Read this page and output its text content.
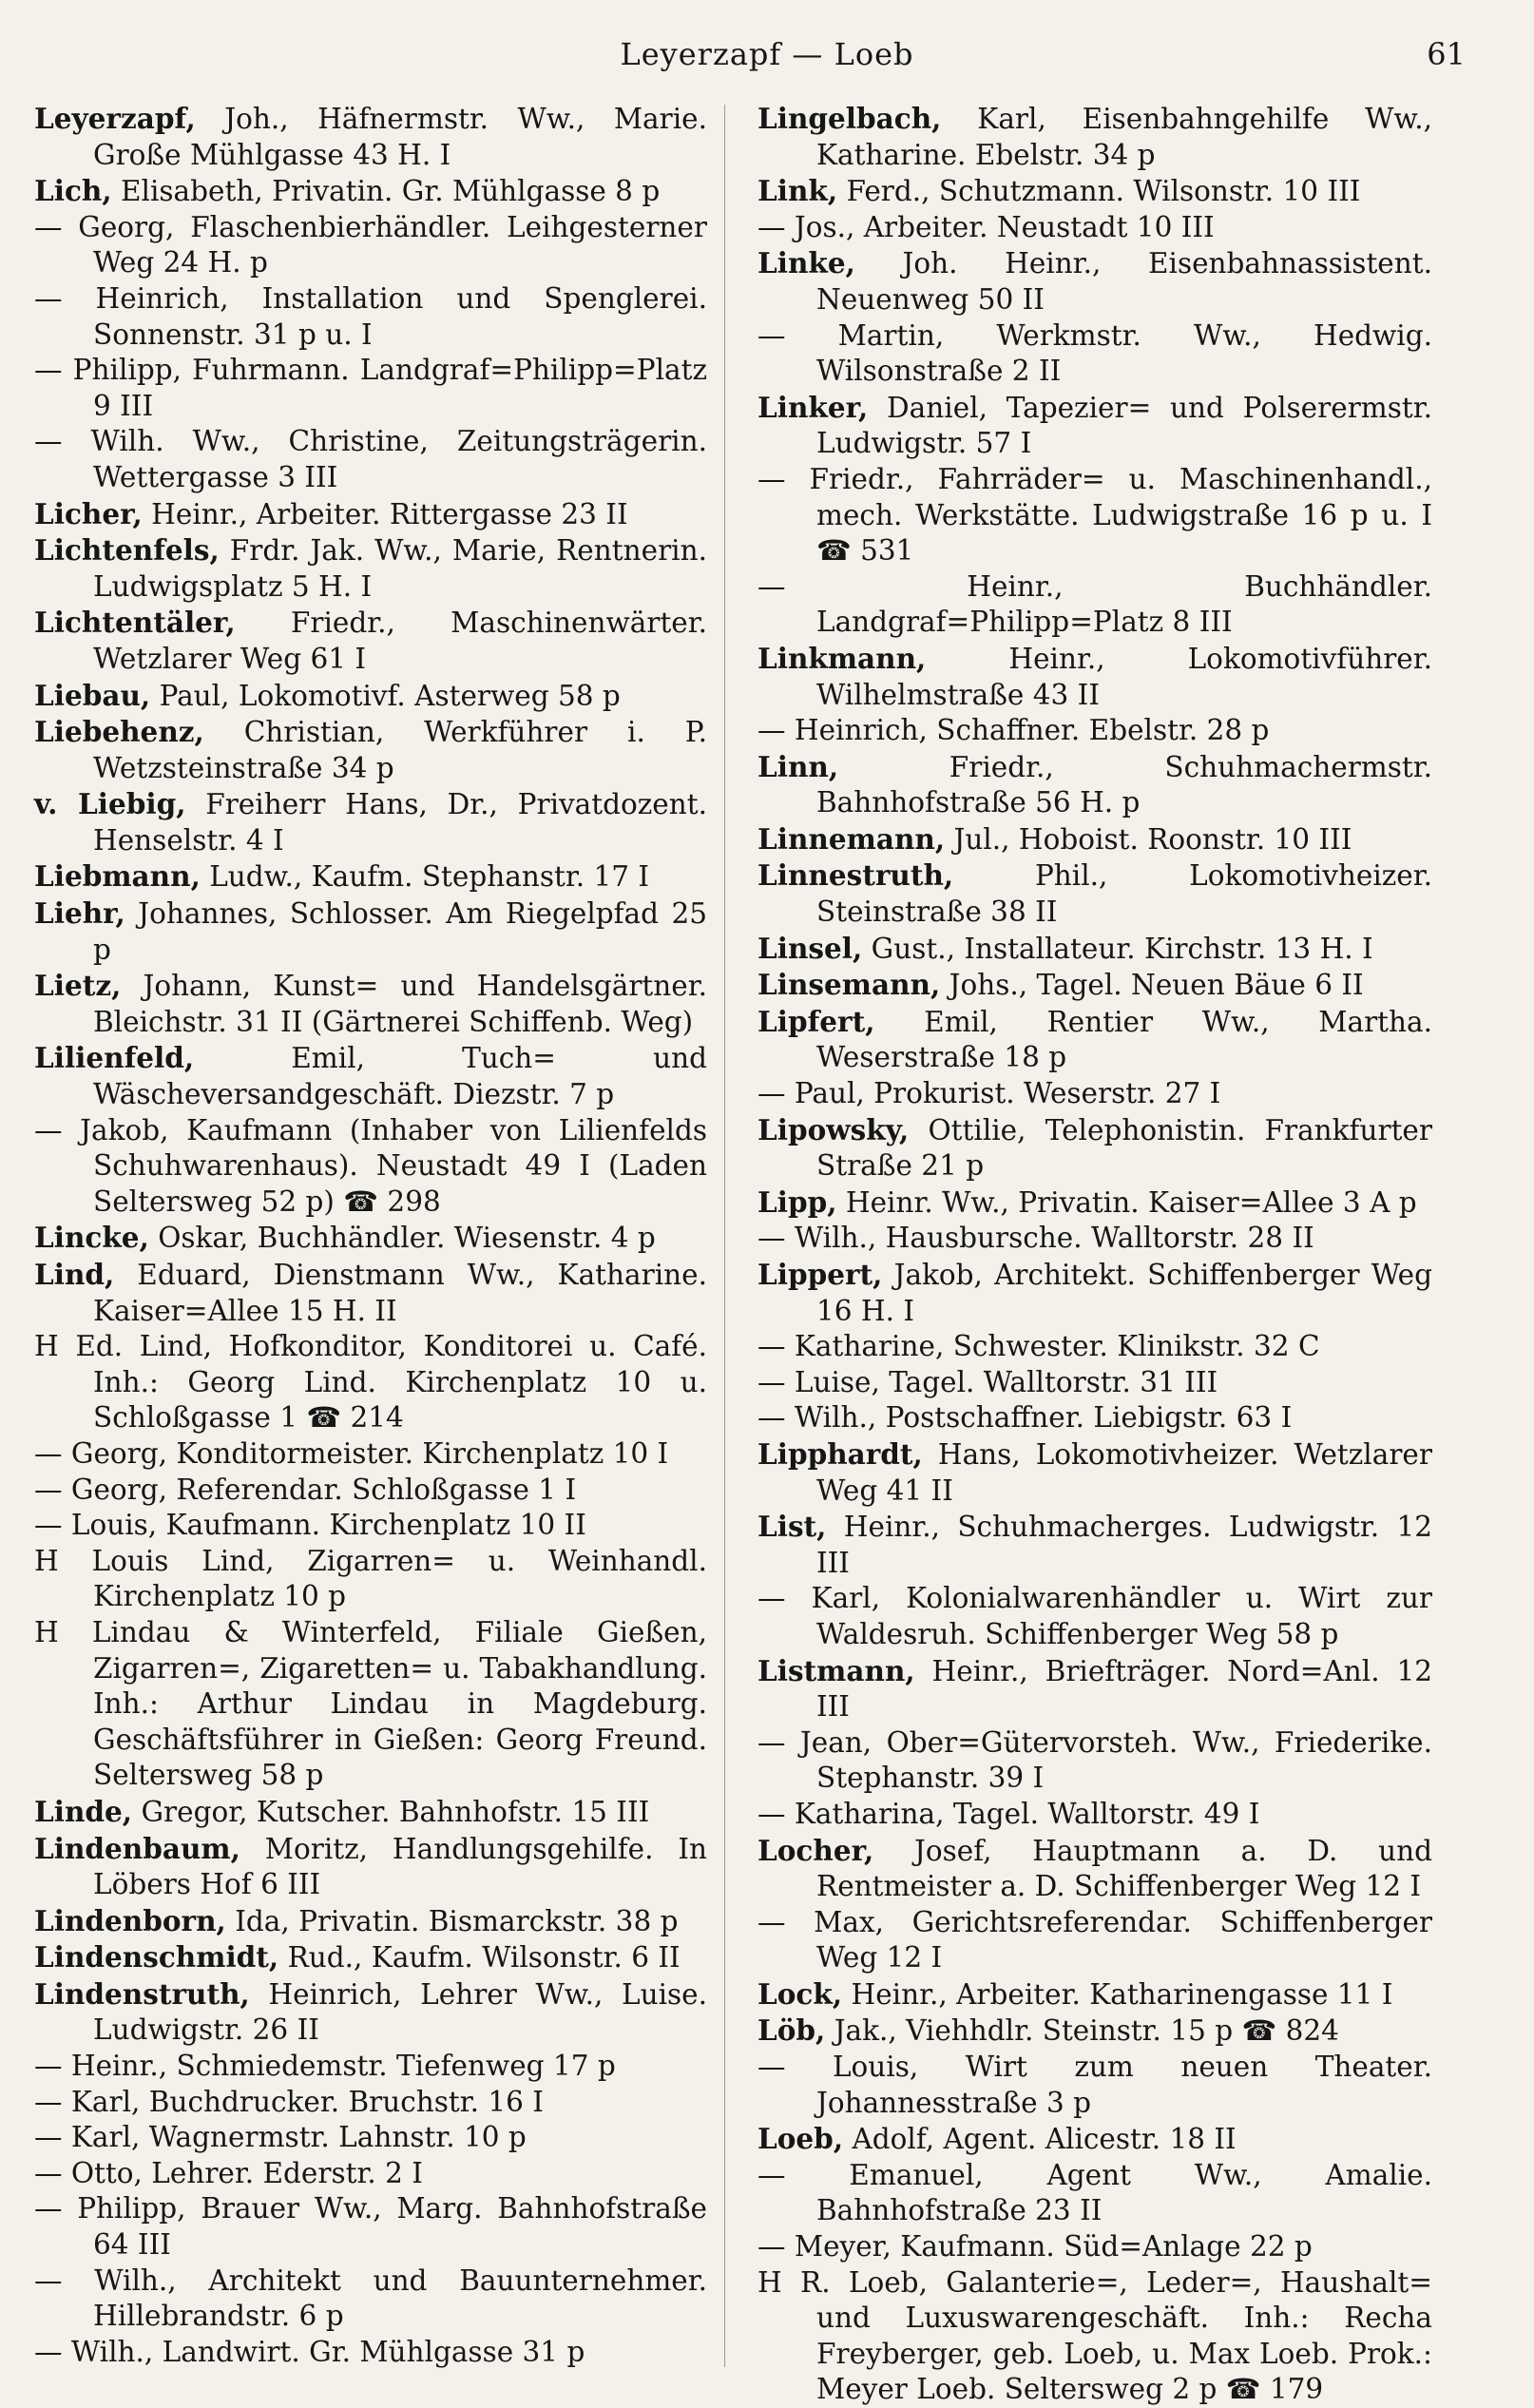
Leyerzapf — Loeb	61
Leyerzapf, Joh., Häfnermstr. Ww., Marie. Große Mühlgasse 43 H. I
Lich, Elisabeth, Privatin. Gr. Mühlgasse 8 p
— Georg, Flaschenbierhändler. Leihgesterner Weg 24 H. p
— Heinrich, Installation und Spenglerei. Sonnenstr. 31 p u. I
— Philipp, Fuhrmann. Landgraf=Philipp=Platz 9 III
— Wilh. Ww., Christine, Zeitungsträgerin. Wettergasse 3 III
Licher, Heinr., Arbeiter. Rittergasse 23 II
Lichtenfels, Frdr. Jak. Ww., Marie, Rentnerin. Ludwigsplatz 5 H. I
Lichtentäler, Friedr., Maschinenwärter. Wetzlarer Weg 61 I
Liebau, Paul, Lokomotivf. Asterweg 58 p
Liebehenz, Christian, Werkführer i. P. Wetzsteinstraße 34 p
v. Liebig, Freiherr Hans, Dr., Privatdozent. Henselstr. 4 I
Liebmann, Ludw., Kaufm. Stephanstr. 17 I
Liehr, Johannes, Schlosser. Am Riegelpfad 25 p
Lietz, Johann, Kunst= und Handelsgärtner. Bleichstr. 31 II (Gärtnerei Schiffenb. Weg)
Lilienfeld, Emil, Tuch= und Wäscheversandgeschäft. Diezstr. 7 p
— Jakob, Kaufmann (Inhaber von Lilienfelds Schuhwarenhaus). Neustadt 49 I (Laden Seltersweg 52 p) ☎ 298
Lincke, Oskar, Buchhändler. Wiesenstr. 4 p
Lind, Eduard, Dienstmann Ww., Katharine. Kaiser=Allee 15 H. II
H Ed. Lind, Hofkonditor, Konditorei u. Café. Inh.: Georg Lind. Kirchenplatz 10 u. Schloßgasse 1 ☎ 214
— Georg, Konditormeister. Kirchenplatz 10 I
— Georg, Referendar. Schloßgasse 1 I
— Louis, Kaufmann. Kirchenplatz 10 II
H Louis Lind, Zigarren= u. Weinhandl. Kirchenplatz 10 p
H Lindau & Winterfeld, Filiale Gießen, Zigarren=, Zigaretten= u. Tabakhandlung. Inh.: Arthur Lindau in Magdeburg. Geschäftsführer in Gießen: Georg Freund. Seltersweg 58 p
Linde, Gregor, Kutscher. Bahnhofstr. 15 III
Lindenbaum, Moritz, Handlungsgehilfe. In Löbers Hof 6 III
Lindenborn, Ida, Privatin. Bismarckstr. 38 p
Lindenschmidt, Rud., Kaufm. Wilsonstr. 6 II
Lindenstruth, Heinrich, Lehrer Ww., Luise. Ludwigstr. 26 II
— Heinr., Schmiedemstr. Tiefenweg 17 p
— Karl, Buchdrucker. Bruchstr. 16 I
— Karl, Wagnermstr. Lahnstr. 10 p
— Otto, Lehrer. Ederstr. 2 I
— Philipp, Brauer Ww., Marg. Bahnhofstraße 64 III
— Wilh., Architekt und Bauunternehmer. Hillebrandstr. 6 p
— Wilh., Landwirt. Gr. Mühlgasse 31 p
Lingelbach, Karl, Eisenbahngehilfe Ww., Katharine. Ebelstr. 34 p
Link, Ferd., Schutzmann. Wilsonstr. 10 III
— Jos., Arbeiter. Neustadt 10 III
Linke, Joh. Heinr., Eisenbahnassistent. Neuenweg 50 II
— Martin, Werkmstr. Ww., Hedwig. Wilsonstraße 2 II
Linker, Daniel, Tapezier= und Polserermstr. Ludwigstr. 57 I
— Friedr., Fahrräder= u. Maschinenhandl., mech. Werkstätte. Ludwigstraße 16 p u. I ☎ 531
— Heinr., Buchhändler. Landgraf=Philipp=Platz 8 III
Linkmann, Heinr., Lokomotivführer. Wilhelmstraße 43 II
— Heinrich, Schaffner. Ebelstr. 28 p
Linn, Friedr., Schuhmachermstr. Bahnhofstraße 56 H. p
Linnemann, Jul., Hoboist. Roonstr. 10 III
Linnestruth, Phil., Lokomotivheizer. Steinstraße 38 II
Linsel, Gust., Installateur. Kirchstr. 13 H. I
Linsemann, Johs., Tagel. Neuen Bäue 6 II
Lipfert, Emil, Rentier Ww., Martha. Weserstraße 18 p
— Paul, Prokurist. Weserstr. 27 I
Lipowsky, Ottilie, Telephonistin. Frankfurter Straße 21 p
Lipp, Heinr. Ww., Privatin. Kaiser=Allee 3 A p
— Wilh., Hausbursche. Walltorstr. 28 II
Lippert, Jakob, Architekt. Schiffenberger Weg 16 H. I
— Katharine, Schwester. Klinikstr. 32 C
— Luise, Tagel. Walltorstr. 31 III
— Wilh., Postschaffner. Liebigstr. 63 I
Lipphardt, Hans, Lokomotivheizer. Wetzlarer Weg 41 II
List, Heinr., Schuhmacherges. Ludwigstr. 12 III
— Karl, Kolonialwarenhändler u. Wirt zur Waldesruh. Schiffenberger Weg 58 p
Listmann, Heinr., Briefträger. Nord=Anl. 12 III
— Jean, Ober=Gütervorsteh. Ww., Friederike. Stephanstr. 39 I
— Katharina, Tagel. Walltorstr. 49 I
Locher, Josef, Hauptmann a. D. und Rentmeister a. D. Schiffenberger Weg 12 I
— Max, Gerichtsreferendar. Schiffenberger Weg 12 I
Lock, Heinr., Arbeiter. Katharinengasse 11 I
Löb, Jak., Viehhdlr. Steinstr. 15 p ☎ 824
— Louis, Wirt zum neuen Theater. Johannesstraße 3 p
Loeb, Adolf, Agent. Alicestr. 18 II
— Emanuel, Agent Ww., Amalie. Bahnhofstraße 23 II
— Meyer, Kaufmann. Süd=Anlage 22 p
H R. Loeb, Galanterie=, Leder=, Haushalt= und Luxuswarengeschäft. Inh.: Recha Freyberger, geb. Loeb, u. Max Loeb. Prok.: Meyer Loeb. Seltersweg 2 p ☎ 179
